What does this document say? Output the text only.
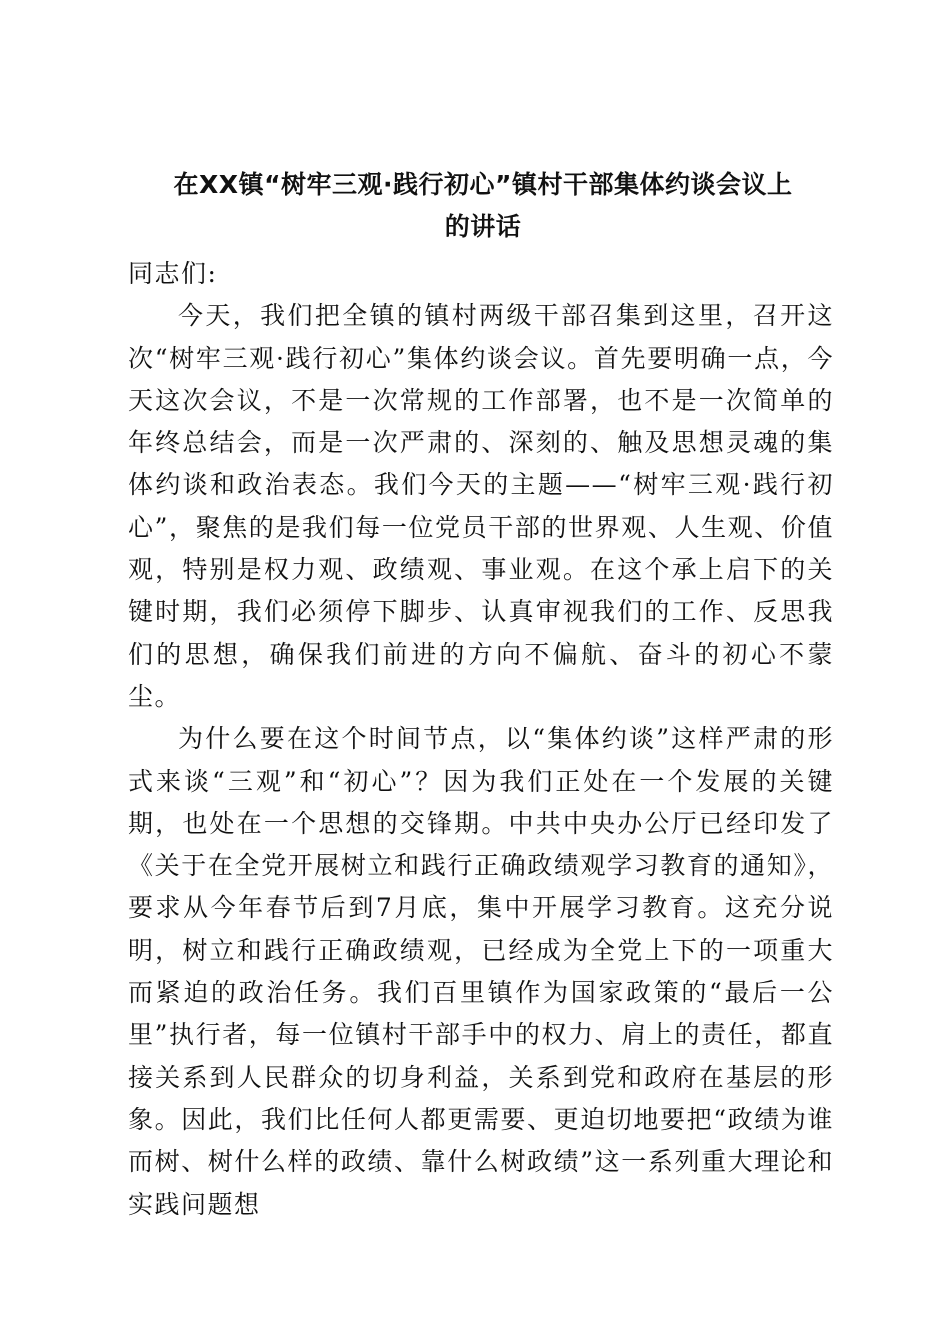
在XX镇“树牢三观·践行初心”镇村干部集体约谈会议上
的讲话

同志们:

今天，我们把全镇的镇村两级干部召集到这里，召开这次“树牢三观·践行初心”集体约谈会议。首先要明确一点，今天这次会议，不是一次常规的工作部署，也不是一次简单的年终总结会，而是一次严肃的、深刻的、触及思想灵魂的集体约谈和政治表态。我们今天的主题——“树牢三观·践行初心”，聚焦的是我们每一位党员干部的世界观、人生观、价值观，特别是权力观、政绩观、事业观。在这个承上启下的关键时期，我们必须停下脚步、认真审视我们的工作、反思我们的思想，确保我们前进的方向不偏航、奋斗的初心不蒙尘。

为什么要在这个时间节点，以“集体约谈”这样严肃的形式来谈“三观”和“初心”？因为我们正处在一个发展的关键期，也处在一个思想的交锋期。中共中央办公厅已经印发了《关于在全党开展树立和践行正确政绩观学习教育的通知》，要求从今年春节后到7月底，集中开展学习教育。这充分说明，树立和践行正确政绩观，已经成为全党上下的一项重大而紧迫的政治任务。我们百里镇作为国家政策的“最后一公里”执行者，每一位镇村干部手中的权力、肩上的责任，都直接关系到人民群众的切身利益，关系到党和政府在基层的形象。因此，我们比任何人都更需要、更迫切地要把“政绩为谁而树、树什么样的政绩、靠什么树政绩”这一系列重大理论和实践问题想
